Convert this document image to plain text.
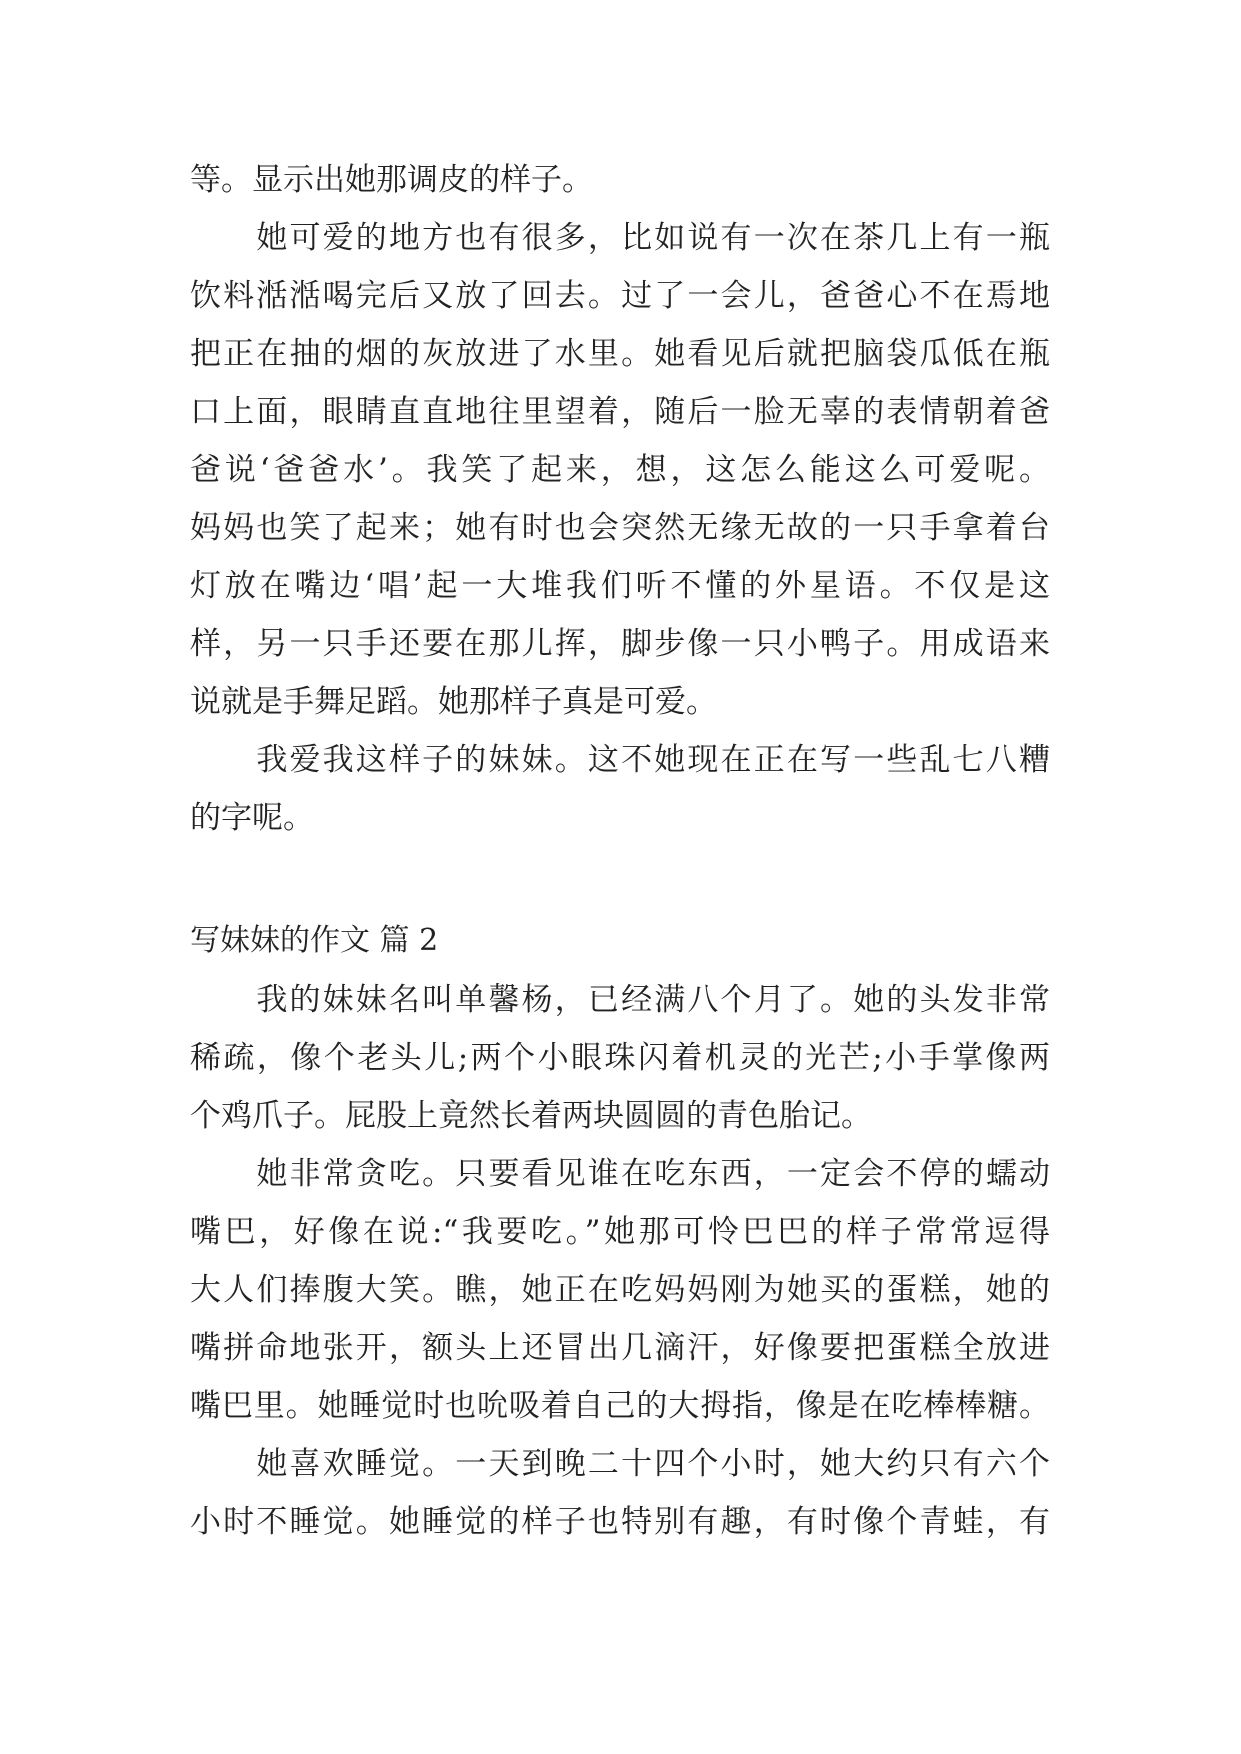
等。显示出她那调皮的样子。
　　她可爱的地方也有很多，比如说有一次在茶几上有一瓶
饮料湉湉喝完后又放了回去。过了一会儿，爸爸心不在焉地
把正在抽的烟的灰放进了水里。她看见后就把脑袋瓜低在瓶
口上面，眼睛直直地往里望着，随后一脸无辜的表情朝着爸
爸说‘爸爸水’。我笑了起来，想，这怎么能这么可爱呢。
妈妈也笑了起来；她有时也会突然无缘无故的一只手拿着台
灯放在嘴边‘唱’起一大堆我们听不懂的外星语。不仅是这
样，另一只手还要在那儿挥，脚步像一只小鸭子。用成语来
说就是手舞足蹈。她那样子真是可爱。
　　我爱我这样子的妹妹。这不她现在正在写一些乱七八糟
的字呢。
写妹妹的作文 篇 2
　　我的妹妹名叫单馨杨，已经满八个月了。她的头发非常
稀疏，像个老头儿;两个小眼珠闪着机灵的光芒;小手掌像两
个鸡爪子。屁股上竟然长着两块圆圆的青色胎记。
　　她非常贪吃。只要看见谁在吃东西，一定会不停的蠕动
嘴巴，好像在说:“我要吃。”她那可怜巴巴的样子常常逗得
大人们捧腹大笑。瞧，她正在吃妈妈刚为她买的蛋糕，她的
嘴拼命地张开，额头上还冒出几滴汗，好像要把蛋糕全放进
嘴巴里。她睡觉时也吮吸着自己的大拇指，像是在吃棒棒糖。
　　她喜欢睡觉。一天到晚二十四个小时，她大约只有六个
小时不睡觉。她睡觉的样子也特别有趣，有时像个青蛙，有
